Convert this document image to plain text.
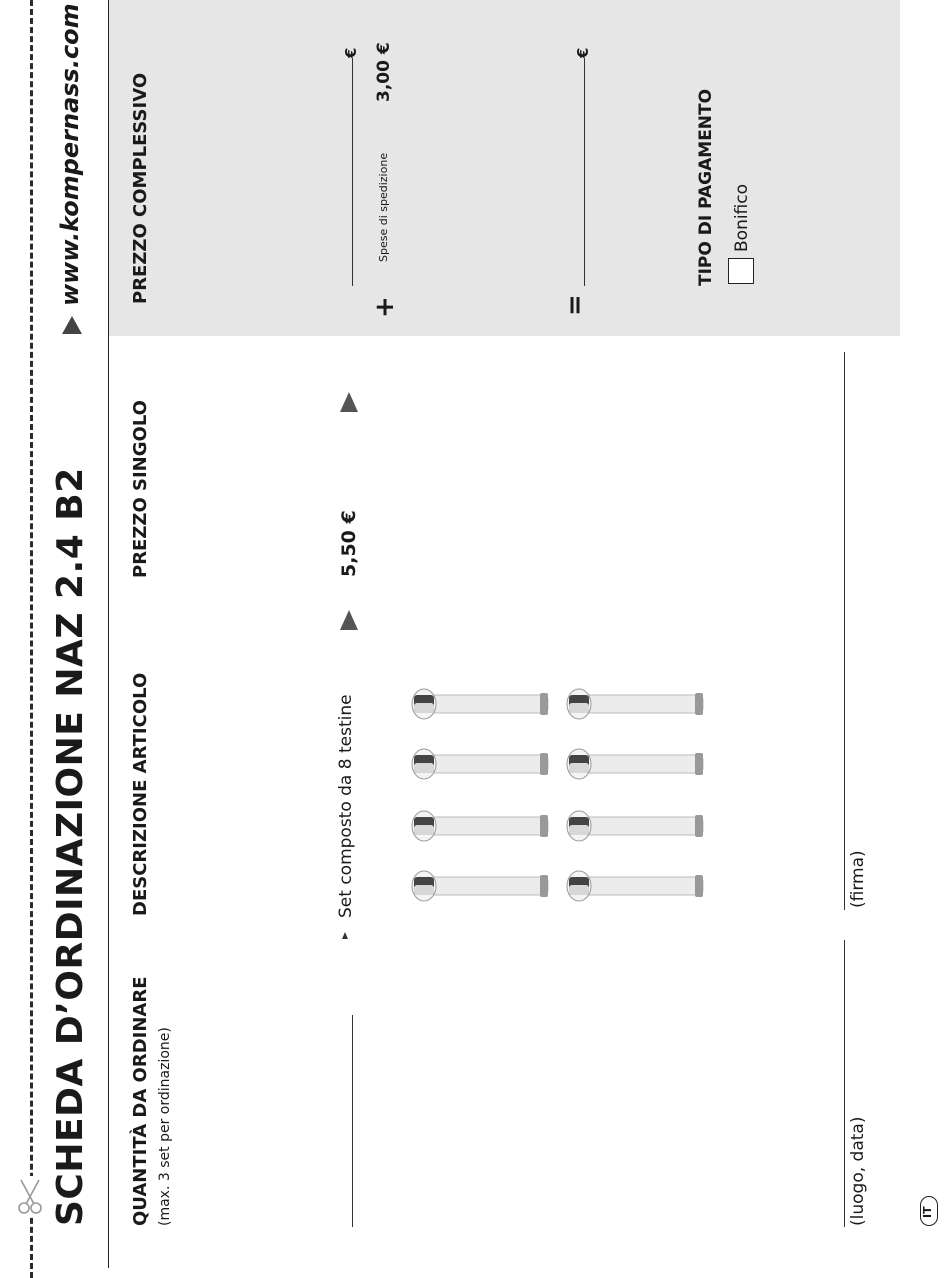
SCHEDA D’ORDINAZIONE NAZ 2.4 B2
www.kompernass.com
QUANTITÀ DA ORDINARE (max. 3 set per ordinazione)
DESCRIZIONE ARTICOLO
PREZZO SINGOLO
PREZZO COMPLESSIVO
Set composto da 8 testine
5,50 €
€
+
Spese di spedizione
3,00 €	€
=
TIPO DI PAGAMENTO Bonifico
(luogo, data)
(firma)
IT
